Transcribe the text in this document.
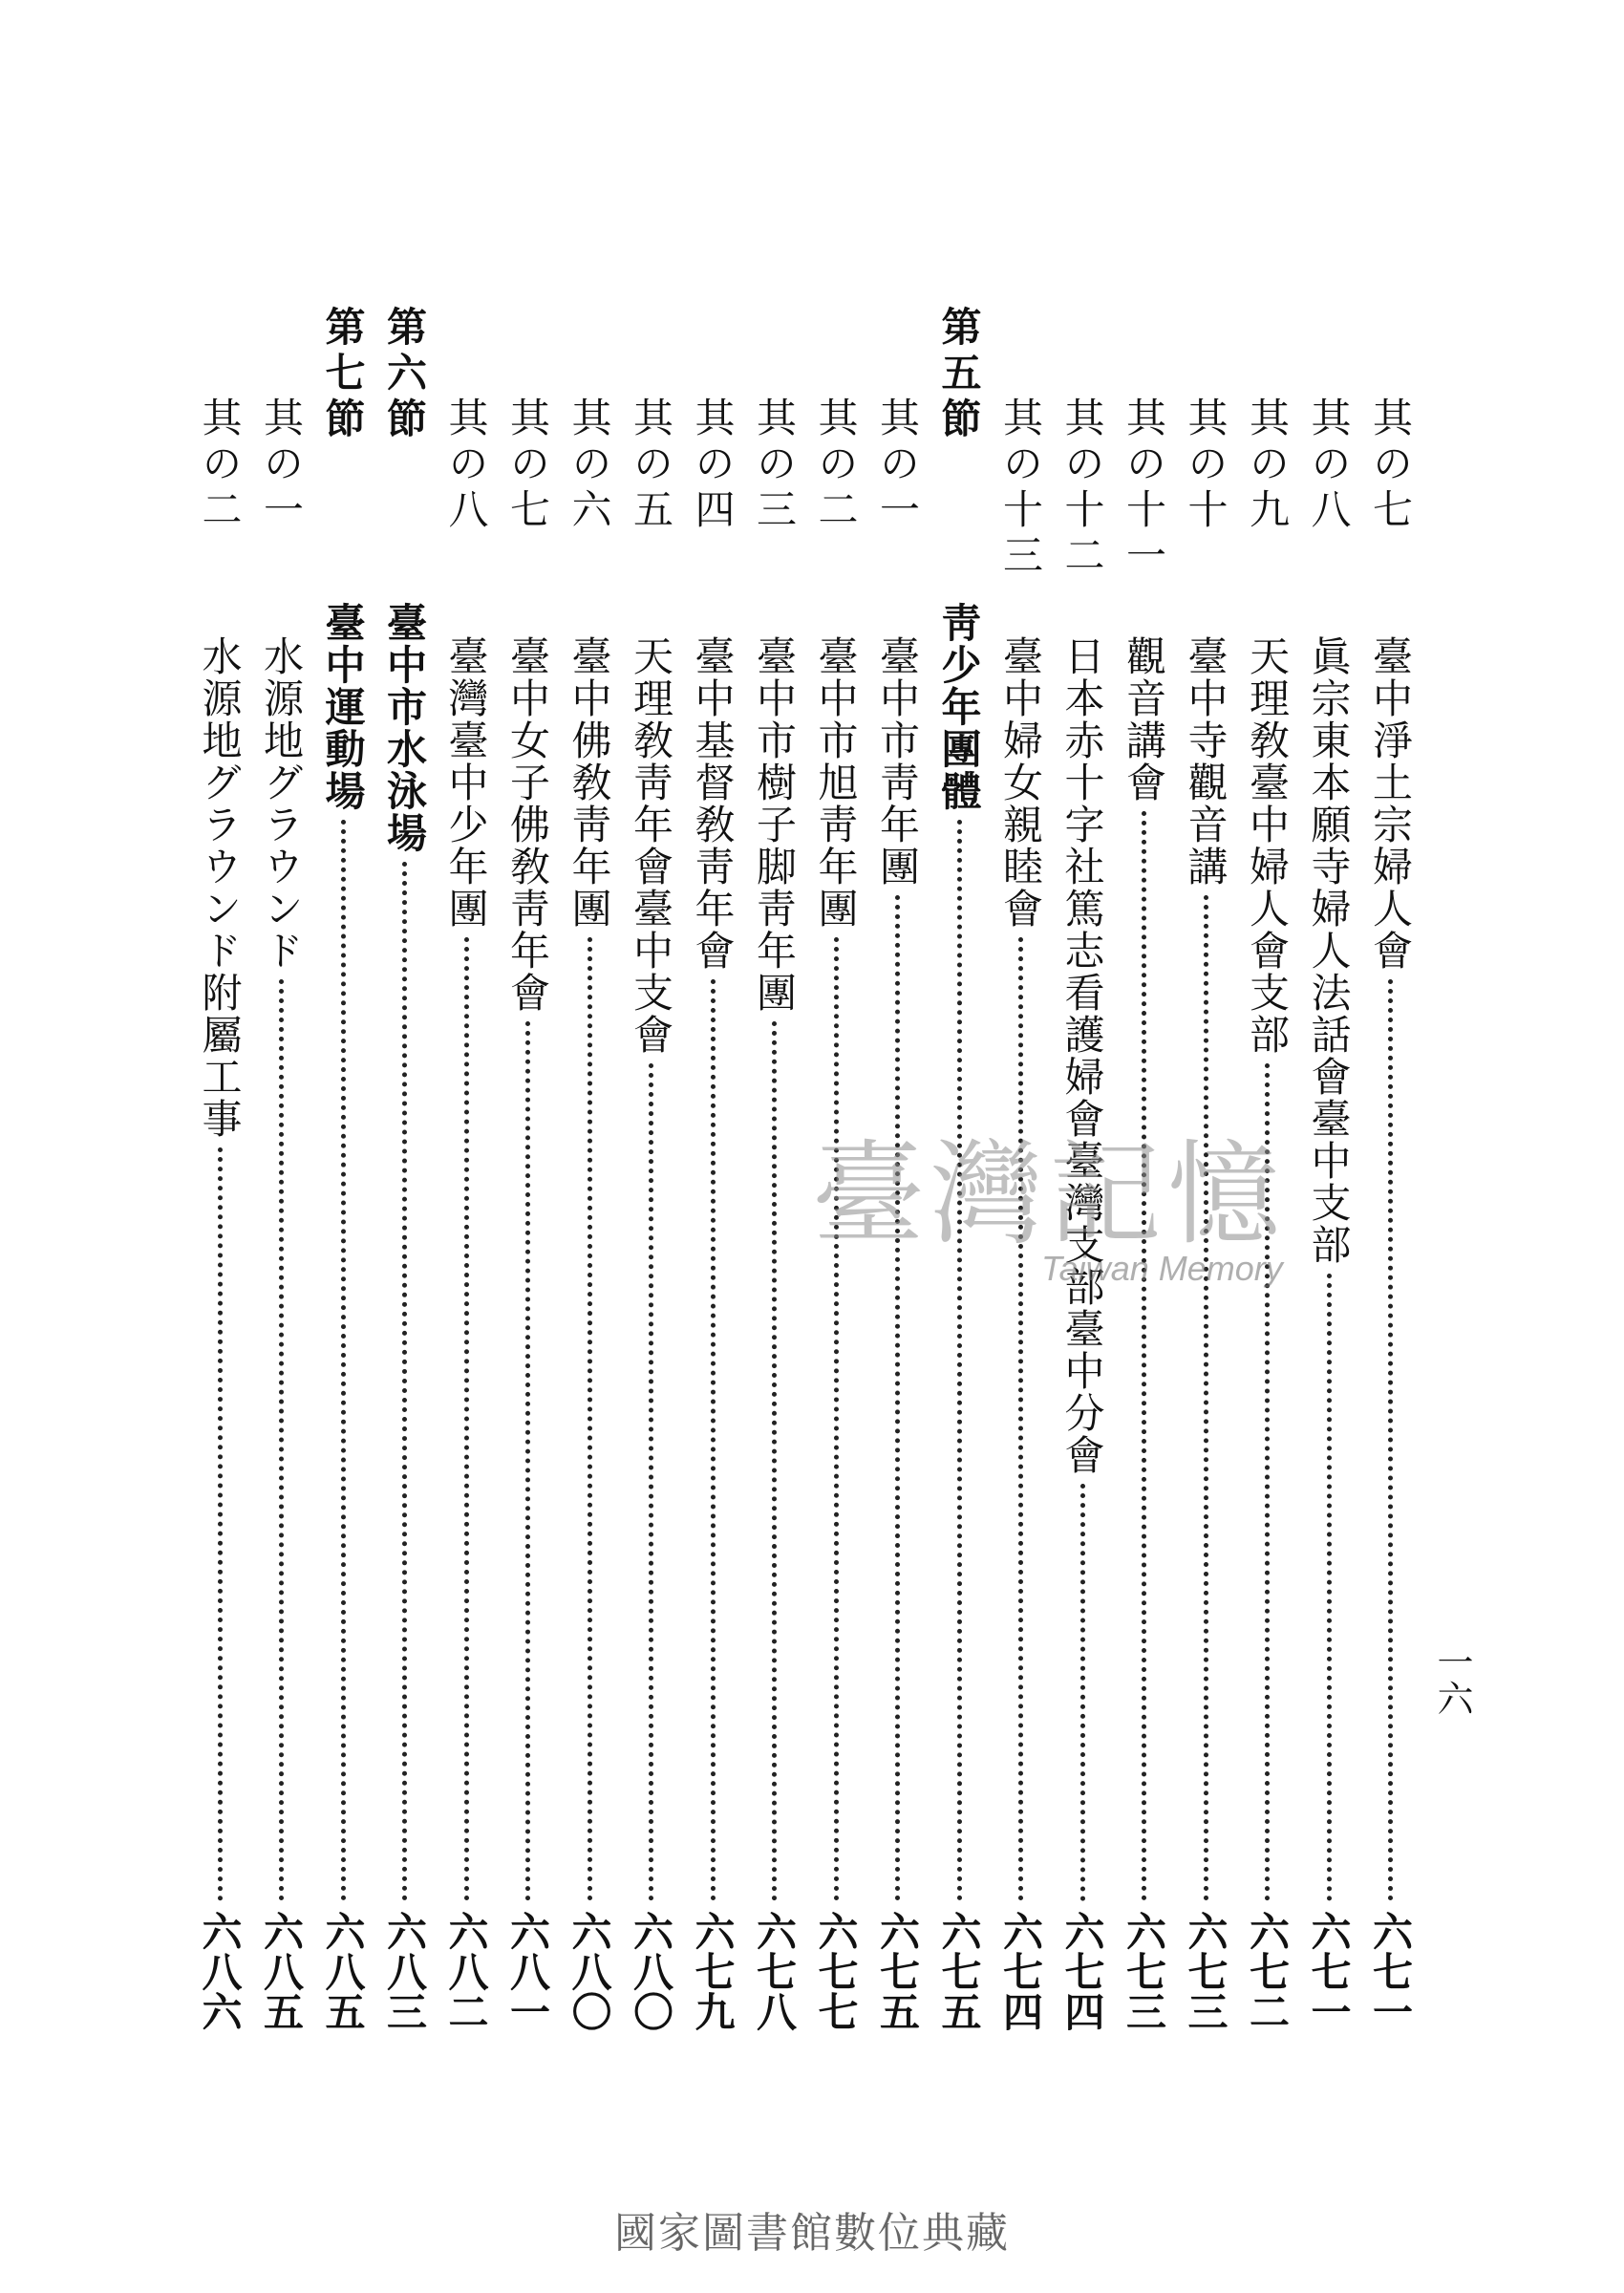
一六
其の七
臺中淨土宗婦人會
六七一
其の八
眞宗東本願寺婦人法話會臺中支部
六七一
其の九
天理敎臺中婦人會支部
六七二
其の十
臺中寺觀音講
六七三
其の十一
觀音講會
六七三
其の十二
日本赤十字社篤志看護婦會臺灣支部臺中分會
六七四
其の十三
臺中婦女親睦會
六七四
第五節
靑少年團體
六七五
其の一
臺中市靑年團
六七五
其の二
臺中市旭靑年團
六七七
其の三
臺中市樹子脚靑年團
六七八
其の四
臺中基督敎靑年會
六七九
其の五
天理敎靑年會臺中支會
六八〇
其の六
臺中佛敎靑年團
六八〇
其の七
臺中女子佛敎靑年會
六八一
其の八
臺灣臺中少年團
六八二
第六節
臺中市水泳場
六八三
第七節
臺中運動場
六八五
其の一
水源地グラウンド
六八五
其の二
水源地グラウンド附屬工事
六八六
臺灣記憶
Taiwan Memory
國家圖書館數位典藏
